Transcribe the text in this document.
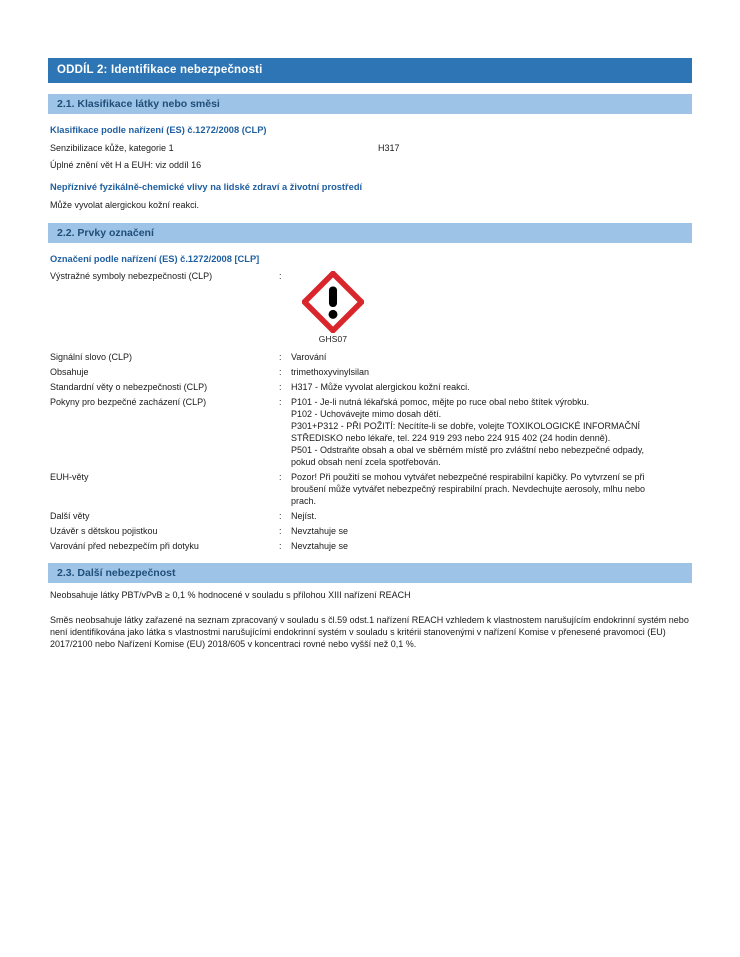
ODDÍL 2: Identifikace nebezpečnosti
2.1. Klasifikace látky nebo směsi
Klasifikace podle nařízení (ES) č.1272/2008 (CLP)
Senzibilizace kůže, kategorie 1	H317
Úplné znění vět H a EUH: viz oddíl 16
Nepříznivé fyzikálně-chemické vlivy na lidské zdraví a životní prostředí
Může vyvolat alergickou kožní reakci.
2.2. Prvky označení
Označení podle nařízení (ES) č.1272/2008 [CLP]
Výstražné symboly nebezpečnosti (CLP)	:
GHS07
Signální slovo (CLP)	: Varování
Obsahuje	: trimethoxyvinylsilan
Standardní věty o nebezpečnosti (CLP)	: H317 - Může vyvolat alergickou kožní reakci.
Pokyny pro bezpečné zacházení (CLP)	: P101 - Je-li nutná lékařská pomoc, mějte po ruce obal nebo štítek výrobku.
P102 - Uchovávejte mimo dosah dětí.
P301+P312 - PŘI POŽITÍ: Necítíte-li se dobře, volejte TOXIKOLOGICKÉ INFORMAČNÍ
STŘEDISKO nebo lékaře, tel. 224 919 293 nebo 224 915 402 (24 hodin denně).
P501 - Odstraňte obsah a obal ve sběrném místě pro zvláštní nebo nebezpečné odpady,
pokud obsah není zcela spotřebován.
EUH-věty	: Pozor! Při použití se mohou vytvářet nebezpečné respirabilní kapičky. Po vytvrzení se při
broušení může vytvářet nebezpečný respirabilní prach. Nevdechujte aerosoly, mlhu nebo
prach.
Další věty	: Nejíst.
Uzávěr s dětskou pojistkou	: Nevztahuje se
Varování před nebezpečím při dotyku	: Nevztahuje se
2.3. Další nebezpečnost
Neobsahuje látky PBT/vPvB ≥ 0,1 % hodnocené v souladu s přílohou XIII nařízení REACH
Směs neobsahuje látky zařazené na seznam zpracovaný v souladu s čl.59 odst.1 nařízení REACH vzhledem k vlastnostem narušujícím endokrinní systém nebo není identifikována jako látka s vlastnostmi narušujícími endokrinní systém v souladu s kritérii stanovenými v nařízení Komise v přenesené pravomoci (EU) 2017/2100 nebo Nařízení Komise (EU) 2018/605 v koncentraci rovné nebo vyšší než 0,1 %.
